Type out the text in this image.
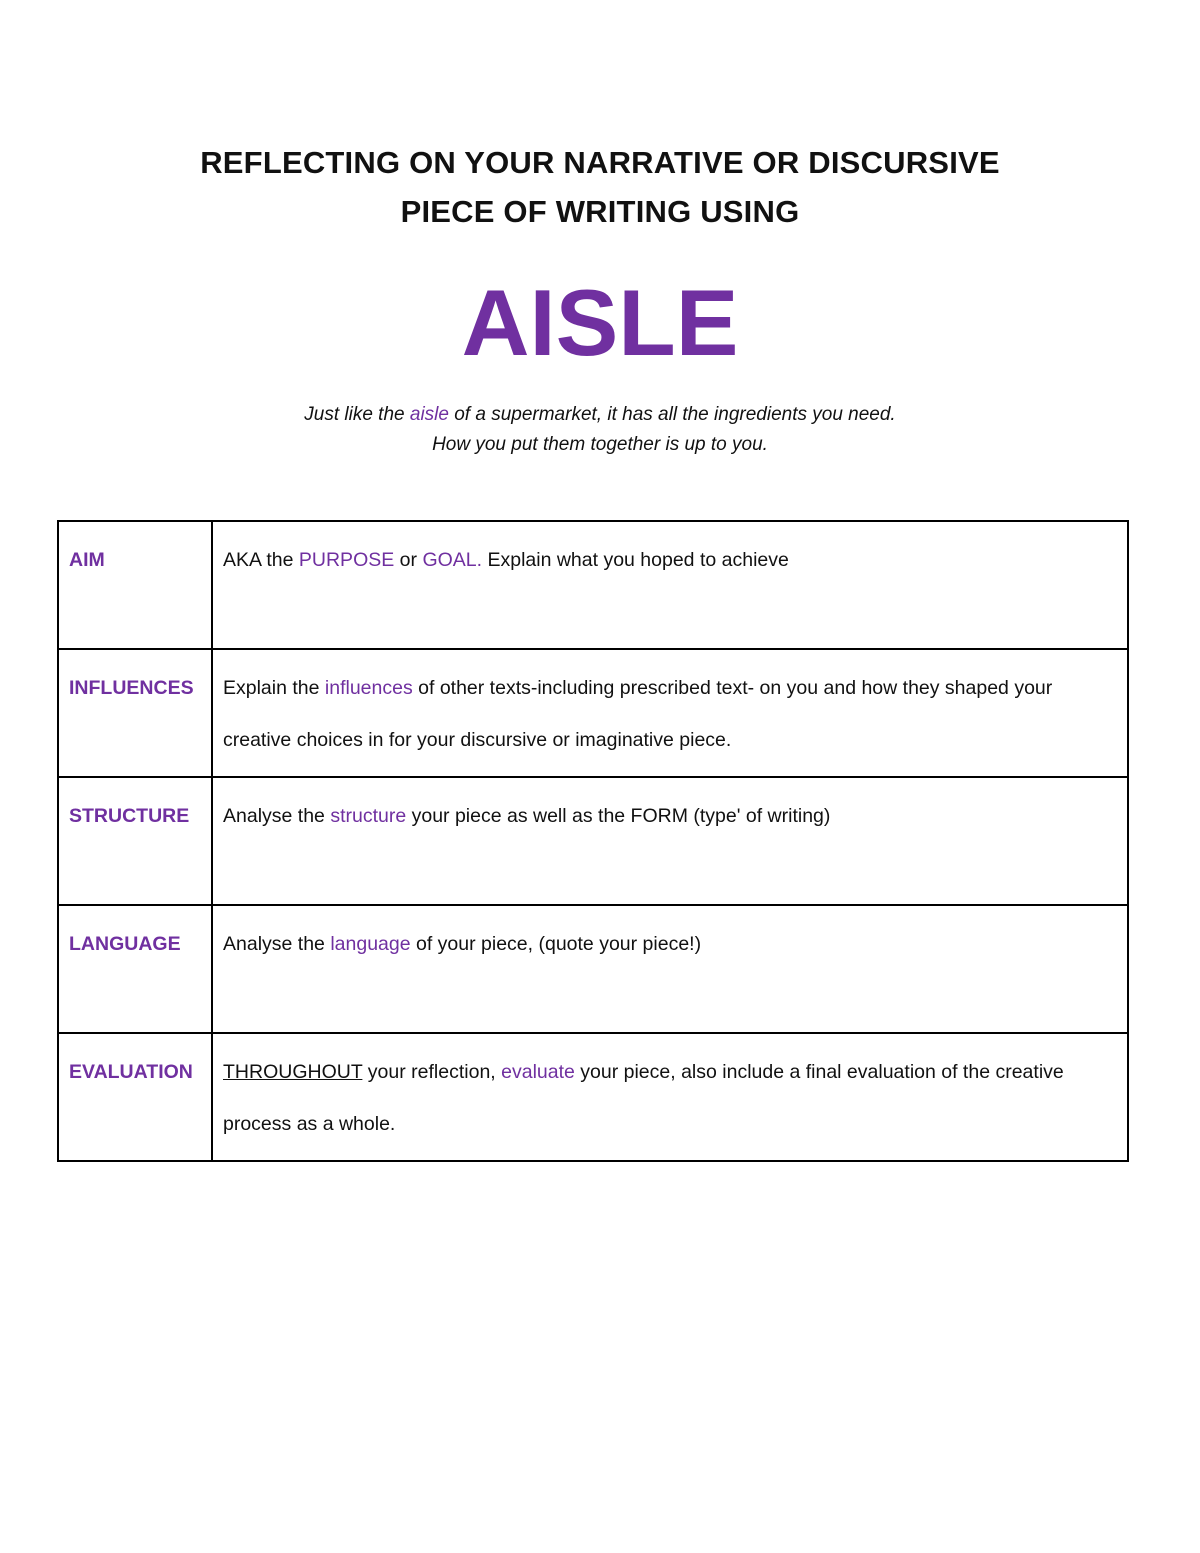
REFLECTING ON YOUR NARRATIVE OR DISCURSIVE
PIECE OF WRITING USING
AISLE
Just like the aisle of a supermarket, it has all the ingredients you need.
How you put them together is up to you.
AIM	AKA the PURPOSE or GOAL. Explain what you hoped to achieve

INFLUENCES	Explain the influences of other texts-including prescribed text- on you and how they shaped your creative choices in for your discursive or imaginative piece.

STRUCTURE	Analyse the structure your piece as well as the FORM (type' of writing)

LANGUAGE	Analyse the language of your piece, (quote your piece!)

EVALUATION	THROUGHOUT your reflection, evaluate your piece, also include a final evaluation of the creative process as a whole.
